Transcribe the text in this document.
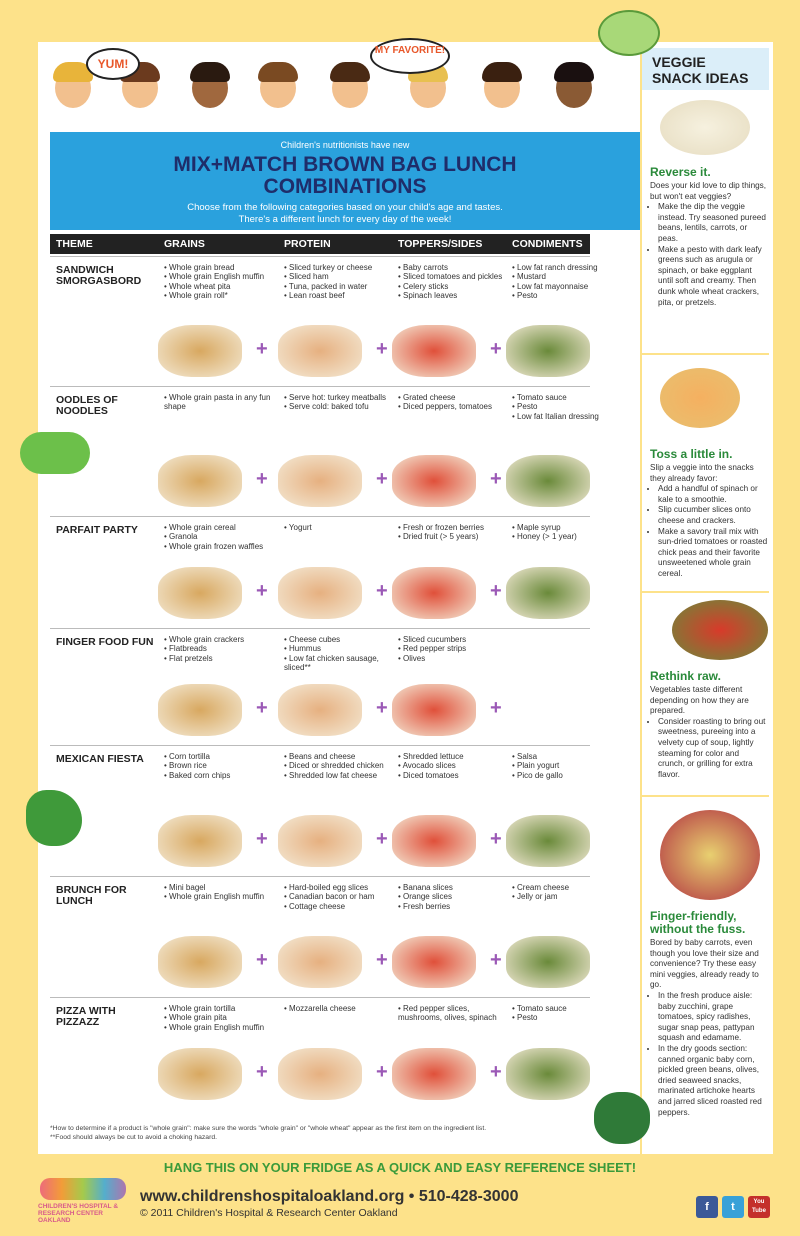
YUM!
MY FAVORITE!
Children's nutritionists have new
MIX+MATCH BROWN BAG LUNCH
COMBINATIONS
Choose from the following categories based on your child's age and tastes.
There's a different lunch for every day of the week!
THEME	GRAINS	PROTEIN	TOPPERS/SIDES	CONDIMENTS
SANDWICH SMORGASBORD
• Whole grain bread
• Whole grain English muffin
• Whole wheat pita
• Whole grain roll*
+
• Sliced turkey or cheese
• Sliced ham
• Tuna, packed in water
• Lean roast beef
+
• Baby carrots
• Sliced tomatoes and pickles
• Celery sticks
• Spinach leaves
+
• Low fat ranch dressing
• Mustard
• Low fat mayonnaise
• Pesto
OODLES OF NOODLES
• Whole grain pasta in any fun shape
+
• Serve hot: turkey meatballs
• Serve cold: baked tofu
+
• Grated cheese
• Diced peppers, tomatoes
+
• Tomato sauce
• Pesto
• Low fat Italian dressing
PARFAIT PARTY	• Whole grain cereal
• Granola
• Whole grain frozen waffles
+
• Yogurt
+
• Fresh or frozen berries
• Dried fruit (> 5 years)
+
• Maple syrup
• Honey (> 1 year)
FINGER FOOD FUN	• Whole grain crackers
• Flatbreads
• Flat pretzels
+
• Cheese cubes
• Hummus
• Low fat chicken sausage, sliced**
+
• Sliced cucumbers
• Red pepper strips
• Olives
+
MEXICAN FIESTA	• Corn tortilla
• Brown rice
• Baked corn chips
+
• Beans and cheese
• Diced or shredded chicken
• Shredded low fat cheese
+
• Shredded lettuce
• Avocado slices
• Diced tomatoes
+
• Salsa
• Plain yogurt
• Pico de gallo
BRUNCH FOR LUNCH
• Mini bagel
• Whole grain English muffin
+
• Hard-boiled egg slices
• Canadian bacon or ham
• Cottage cheese
+
• Banana slices
• Orange slices
• Fresh berries
+
• Cream cheese
• Jelly or jam
PIZZA WITH PIZZAZZ
• Whole grain tortilla
• Whole grain pita
• Whole grain English muffin
+
• Mozzarella cheese
+
• Red pepper slices, mushrooms, olives, spinach
+
• Tomato sauce
• Pesto
*How to determine if a product is "whole grain": make sure the words "whole grain" or "whole wheat" appear as the first item on the ingredient list.
**Food should always be cut to avoid a choking hazard.
VEGGIE SNACK IDEAS
Reverse it.
Does your kid love to dip things, but won't eat veggies?
• Make the dip the veggie instead. Try seasoned pureed beans, lentils, carrots, or peas.
• Make a pesto with dark leafy greens such as arugula or spinach, or bake eggplant until soft and creamy. Then dunk whole wheat crackers, pita, or pretzels.
Toss a little in.
Slip a veggie into the snacks they already favor:
• Add a handful of spinach or kale to a smoothie.
• Slip cucumber slices onto cheese and crackers.
• Make a savory trail mix with sun-dried tomatoes or roasted chick peas and their favorite unsweetened whole grain cereal.
Rethink raw.
Vegetables taste different depending on how they are prepared.
• Consider roasting to bring out sweetness, pureeing into a velvety cup of soup, lightly steaming for color and crunch, or grilling for extra flavor.
Finger-friendly, without the fuss.
Bored by baby carrots, even though you love their size and convenience? Try these easy mini veggies, already ready to go.
• In the fresh produce aisle: baby zucchini, grape tomatoes, spicy radishes, sugar snap peas, pattypan squash and edamame.
• In the dry goods section: canned organic baby corn, pickled green beans, olives, dried seaweed snacks, marinated artichoke hearts and jarred sliced roasted red peppers.
HANG THIS ON YOUR FRIDGE AS A QUICK AND EASY REFERENCE SHEET!
CHILDREN'S HOSPITAL & RESEARCH CENTER OAKLAND
www.childrenshospitaloakland.org • 510-428-3000
© 2011 Children's Hospital & Research Center Oakland	f	t	You Tube
